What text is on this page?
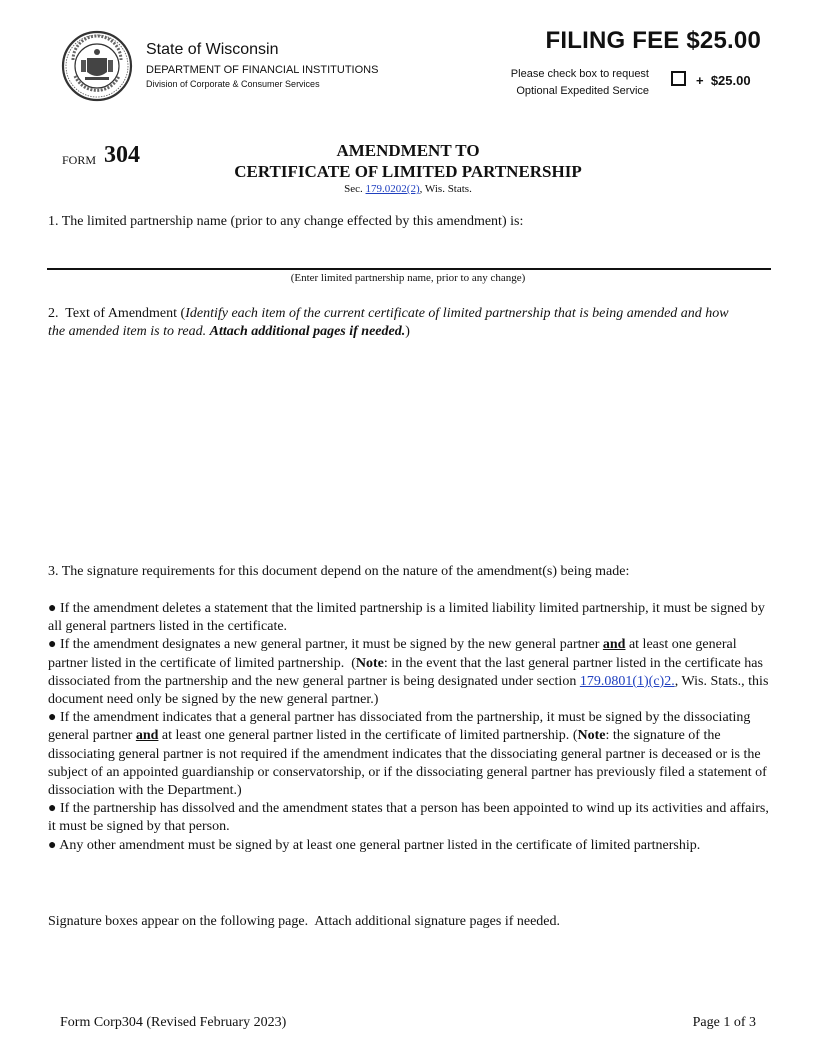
State of Wisconsin
DEPARTMENT OF FINANCIAL INSTITUTIONS
Division of Corporate & Consumer Services
FILING FEE $25.00
Please check box to request
Optional Expedited Service
+  $25.00
FORM 304	AMENDMENT TO
CERTIFICATE OF LIMITED PARTNERSHIP
Sec. 179.0202(2), Wis. Stats.
1. The limited partnership name (prior to any change effected by this amendment) is:
(Enter limited partnership name, prior to any change)
2.  Text of Amendment (Identify each item of the current certificate of limited partnership that is being amended and how the amended item is to read. Attach additional pages if needed.)
3. The signature requirements for this document depend on the nature of the amendment(s) being made:

● If the amendment deletes a statement that the limited partnership is a limited liability limited partnership, it must be signed by all general partners listed in the certificate.

● If the amendment designates a new general partner, it must be signed by the new general partner and at least one general partner listed in the certificate of limited partnership.  (Note: in the event that the last general partner listed in the certificate has dissociated from the partnership and the new general partner is being designated under section 179.0801(1)(c)2., Wis. Stats., this document need only be signed by the new general partner.)

● If the amendment indicates that a general partner has dissociated from the partnership, it must be signed by the dissociating general partner and at least one general partner listed in the certificate of limited partnership. (Note: the signature of the dissociating general partner is not required if the amendment indicates that the dissociating general partner is deceased or is the subject of an appointed guardianship or conservatorship, or if the dissociating general partner has previously filed a statement of dissociation with the Department.)

● If the partnership has dissolved and the amendment states that a person has been appointed to wind up its activities and affairs, it must be signed by that person.

● Any other amendment must be signed by at least one general partner listed in the certificate of limited partnership.

Signature boxes appear on the following page.  Attach additional signature pages if needed.
Form Corp304 (Revised February 2023)	Page 1 of 3
